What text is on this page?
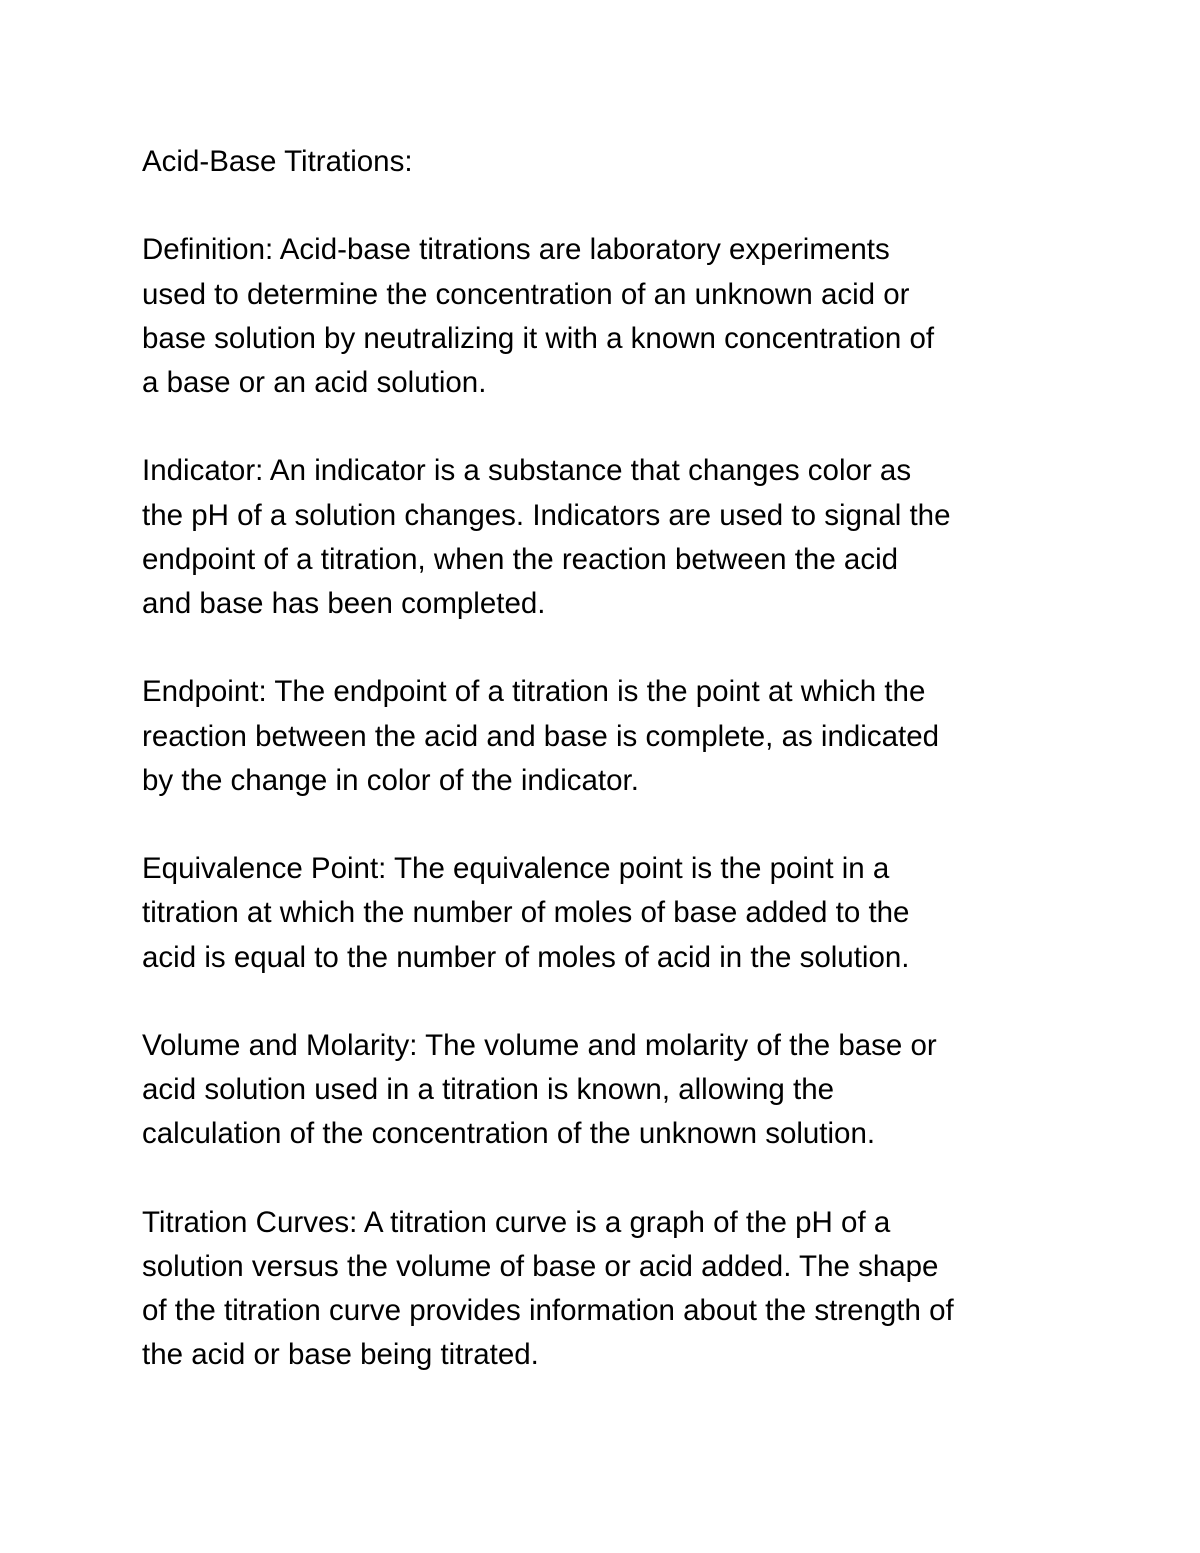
Acid-Base Titrations:

Definition: Acid-base titrations are laboratory experiments
used to determine the concentration of an unknown acid or
base solution by neutralizing it with a known concentration of
a base or an acid solution.

Indicator: An indicator is a substance that changes color as
the pH of a solution changes. Indicators are used to signal the
endpoint of a titration, when the reaction between the acid
and base has been completed.

Endpoint: The endpoint of a titration is the point at which the
reaction between the acid and base is complete, as indicated
by the change in color of the indicator.

Equivalence Point: The equivalence point is the point in a
titration at which the number of moles of base added to the
acid is equal to the number of moles of acid in the solution.

Volume and Molarity: The volume and molarity of the base or
acid solution used in a titration is known, allowing the
calculation of the concentration of the unknown solution.

Titration Curves: A titration curve is a graph of the pH of a
solution versus the volume of base or acid added. The shape
of the titration curve provides information about the strength of
the acid or base being titrated.
